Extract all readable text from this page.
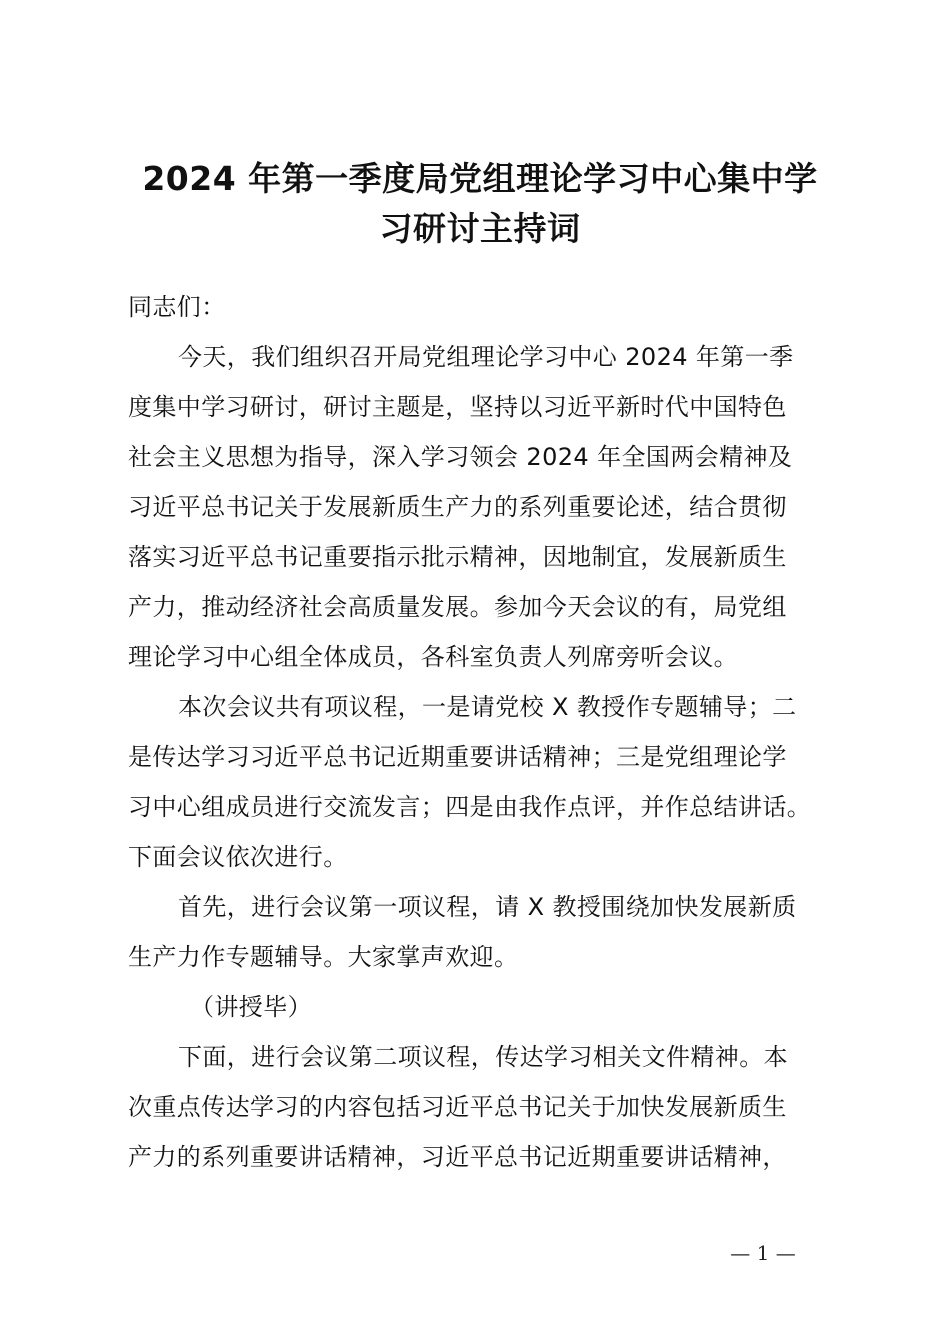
2024 年第一季度局党组理论学习中心集中学
习研讨主持词
同志们：
今天，我们组织召开局党组理论学习中心 2024 年第一季
度集中学习研讨，研讨主题是，坚持以习近平新时代中国特色
社会主义思想为指导，深入学习领会 2024 年全国两会精神及
习近平总书记关于发展新质生产力的系列重要论述，结合贯彻
落实习近平总书记重要指示批示精神，因地制宜，发展新质生
产力，推动经济社会高质量发展。参加今天会议的有，局党组
理论学习中心组全体成员，各科室负责人列席旁听会议。
本次会议共有项议程，一是请党校 X 教授作专题辅导；二
是传达学习习近平总书记近期重要讲话精神；三是党组理论学
习中心组成员进行交流发言；四是由我作点评，并作总结讲话。
下面会议依次进行。
首先，进行会议第一项议程，请 X 教授围绕加快发展新质
生产力作专题辅导。大家掌声欢迎。
（讲授毕）
下面，进行会议第二项议程，传达学习相关文件精神。本
次重点传达学习的内容包括习近平总书记关于加快发展新质生
产力的系列重要讲话精神，习近平总书记近期重要讲话精神，
— 1 —
